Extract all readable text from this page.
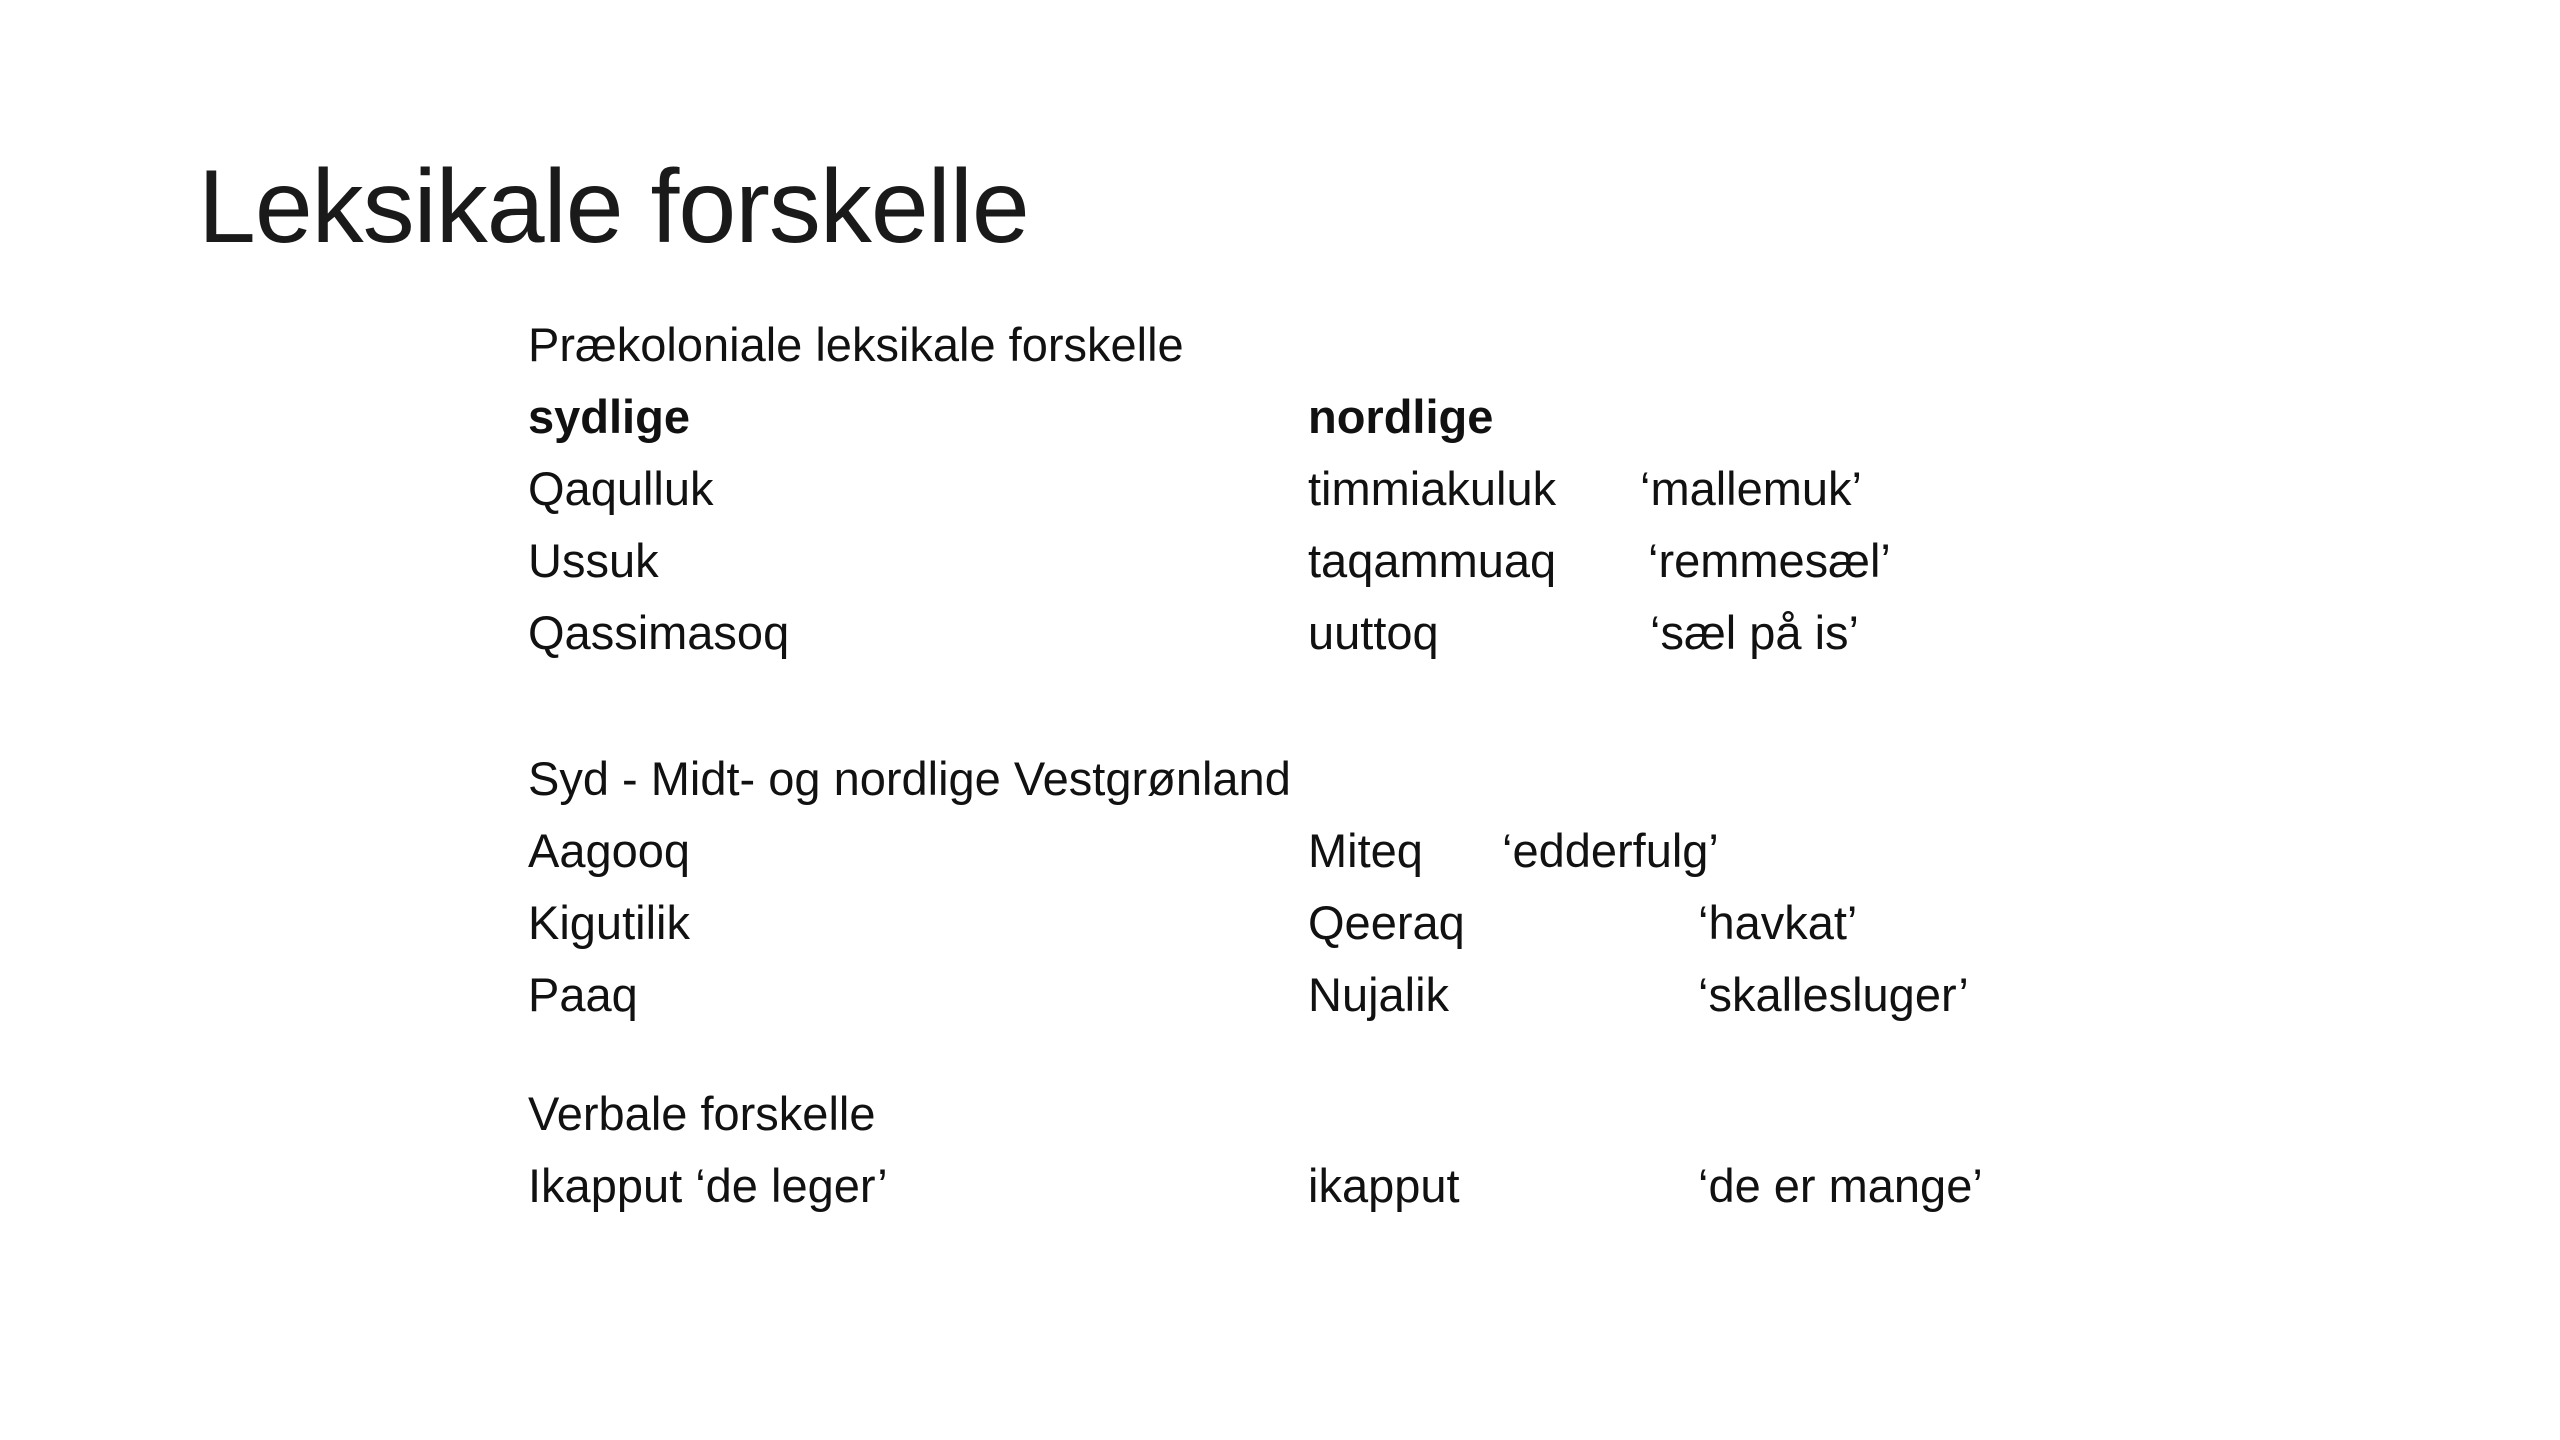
Leksikale forskelle
Prækoloniale leksikale forskelle
sydlige	nordlige
Qaqulluk	timmiakuluk ‘mallemuk’
Ussuk	taqammuaq ‘remmesæl’
Qassimasoq	uuttoq	‘sæl på is’
Syd - Midt- og nordlige Vestgrønland
Aagooq	Miteq ‘edderfulg’
Kigutilik	Qeeraq	‘havkat’
Paaq	Nujalik	‘skallesluger’
Verbale forskelle
Ikapput ‘de leger’	ikapput	‘de er mange’
